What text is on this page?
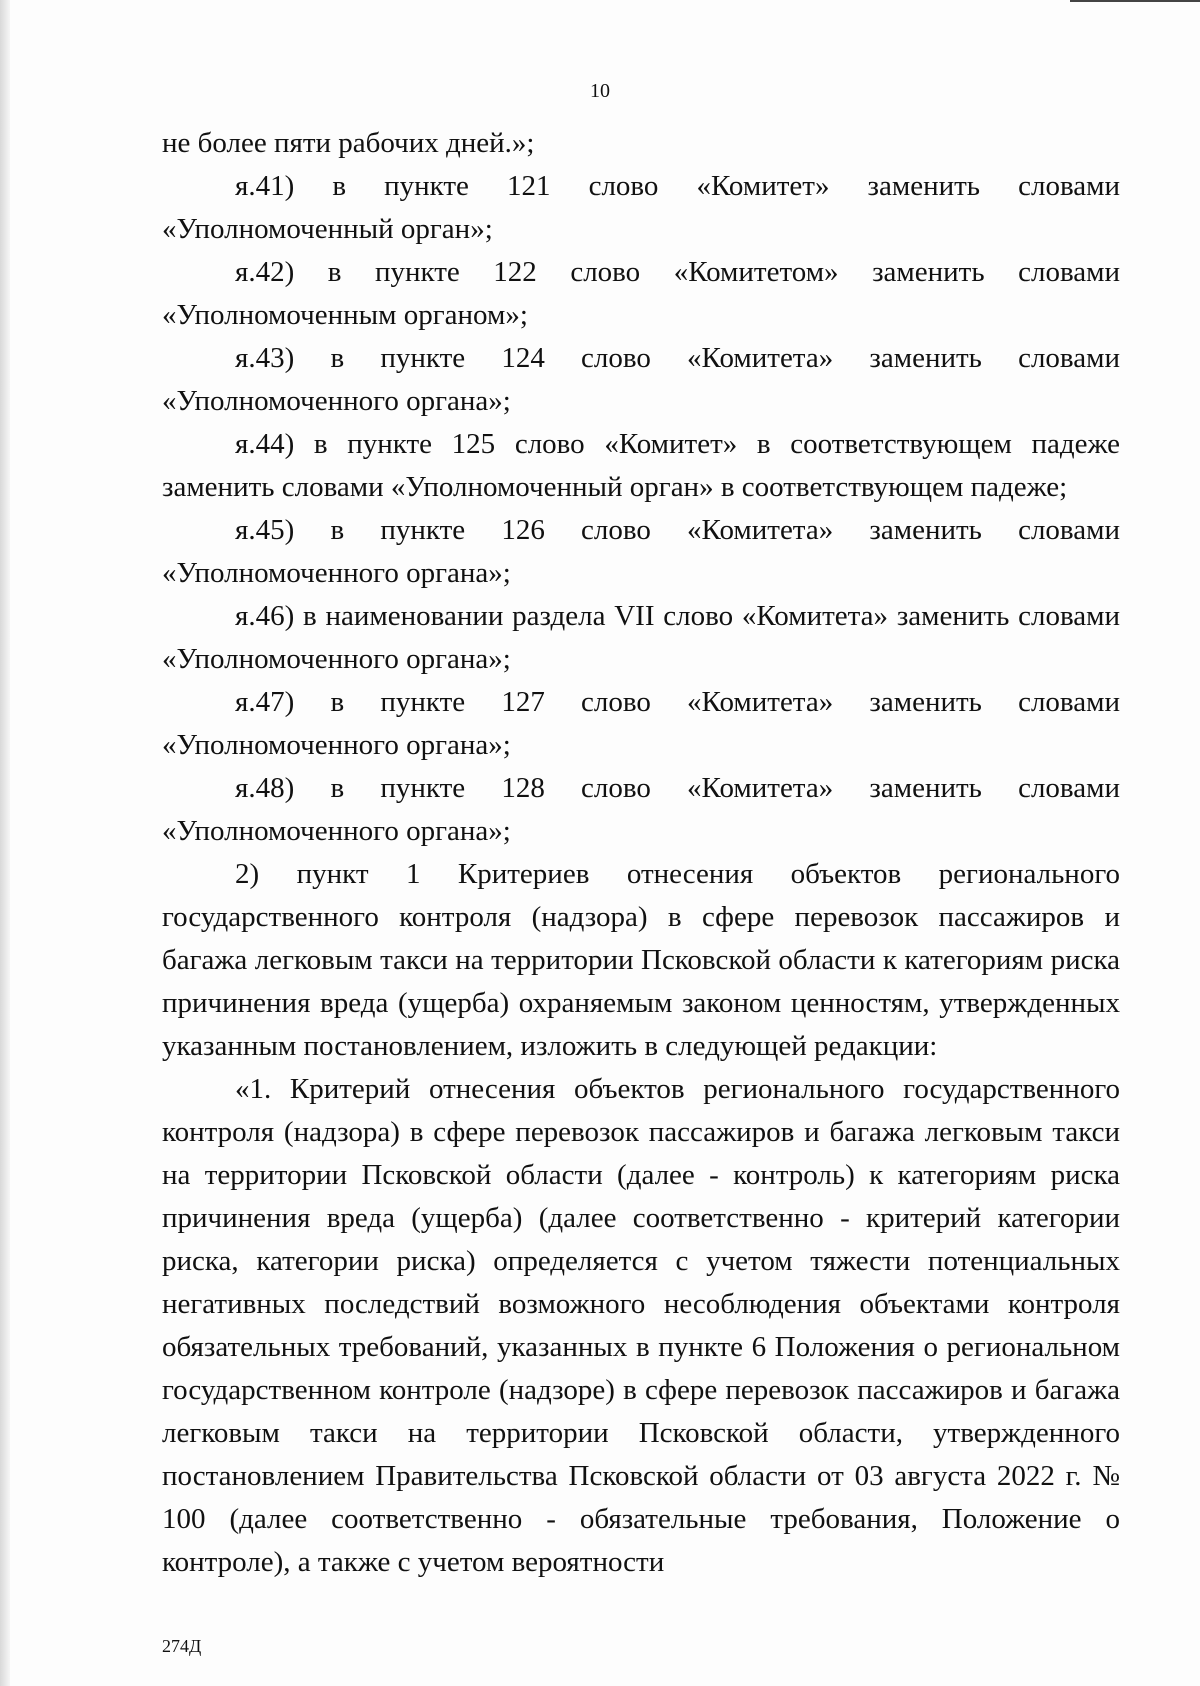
10

не более пяти рабочих дней.»;

я.41) в пункте 121 слово «Комитет» заменить словами «Уполномоченный орган»;

я.42) в пункте 122 слово «Комитетом» заменить словами «Уполномоченным органом»;

я.43) в пункте 124 слово «Комитета» заменить словами «Уполномоченного органа»;

я.44) в пункте 125 слово «Комитет» в соответствующем падеже заменить словами «Уполномоченный орган» в соответствующем падеже;

я.45) в пункте 126 слово «Комитета» заменить словами «Уполномоченного органа»;

я.46) в наименовании раздела VII слово «Комитета» заменить словами «Уполномоченного органа»;

я.47) в пункте 127 слово «Комитета» заменить словами «Уполномоченного органа»;

я.48) в пункте 128 слово «Комитета» заменить словами «Уполномоченного органа»;

2) пункт 1 Критериев отнесения объектов регионального государственного контроля (надзора) в сфере перевозок пассажиров и багажа легковым такси на территории Псковской области к категориям риска причинения вреда (ущерба) охраняемым законом ценностям, утвержденных указанным постановлением, изложить в следующей редакции:

«1. Критерий отнесения объектов регионального государственного контроля (надзора) в сфере перевозок пассажиров и багажа легковым такси на территории Псковской области (далее - контроль) к категориям риска причинения вреда (ущерба) (далее соответственно - критерий категории риска, категории риска) определяется с учетом тяжести потенциальных негативных последствий возможного несоблюдения объектами контроля обязательных требований, указанных в пункте 6 Положения о региональном государственном контроле (надзоре) в сфере перевозок пассажиров и багажа легковым такси на территории Псковской области, утвержденного постановлением Правительства Псковской области от 03 августа 2022 г. № 100 (далее соответственно - обязательные требования, Положение о контроле), а также с учетом вероятности

274Д
